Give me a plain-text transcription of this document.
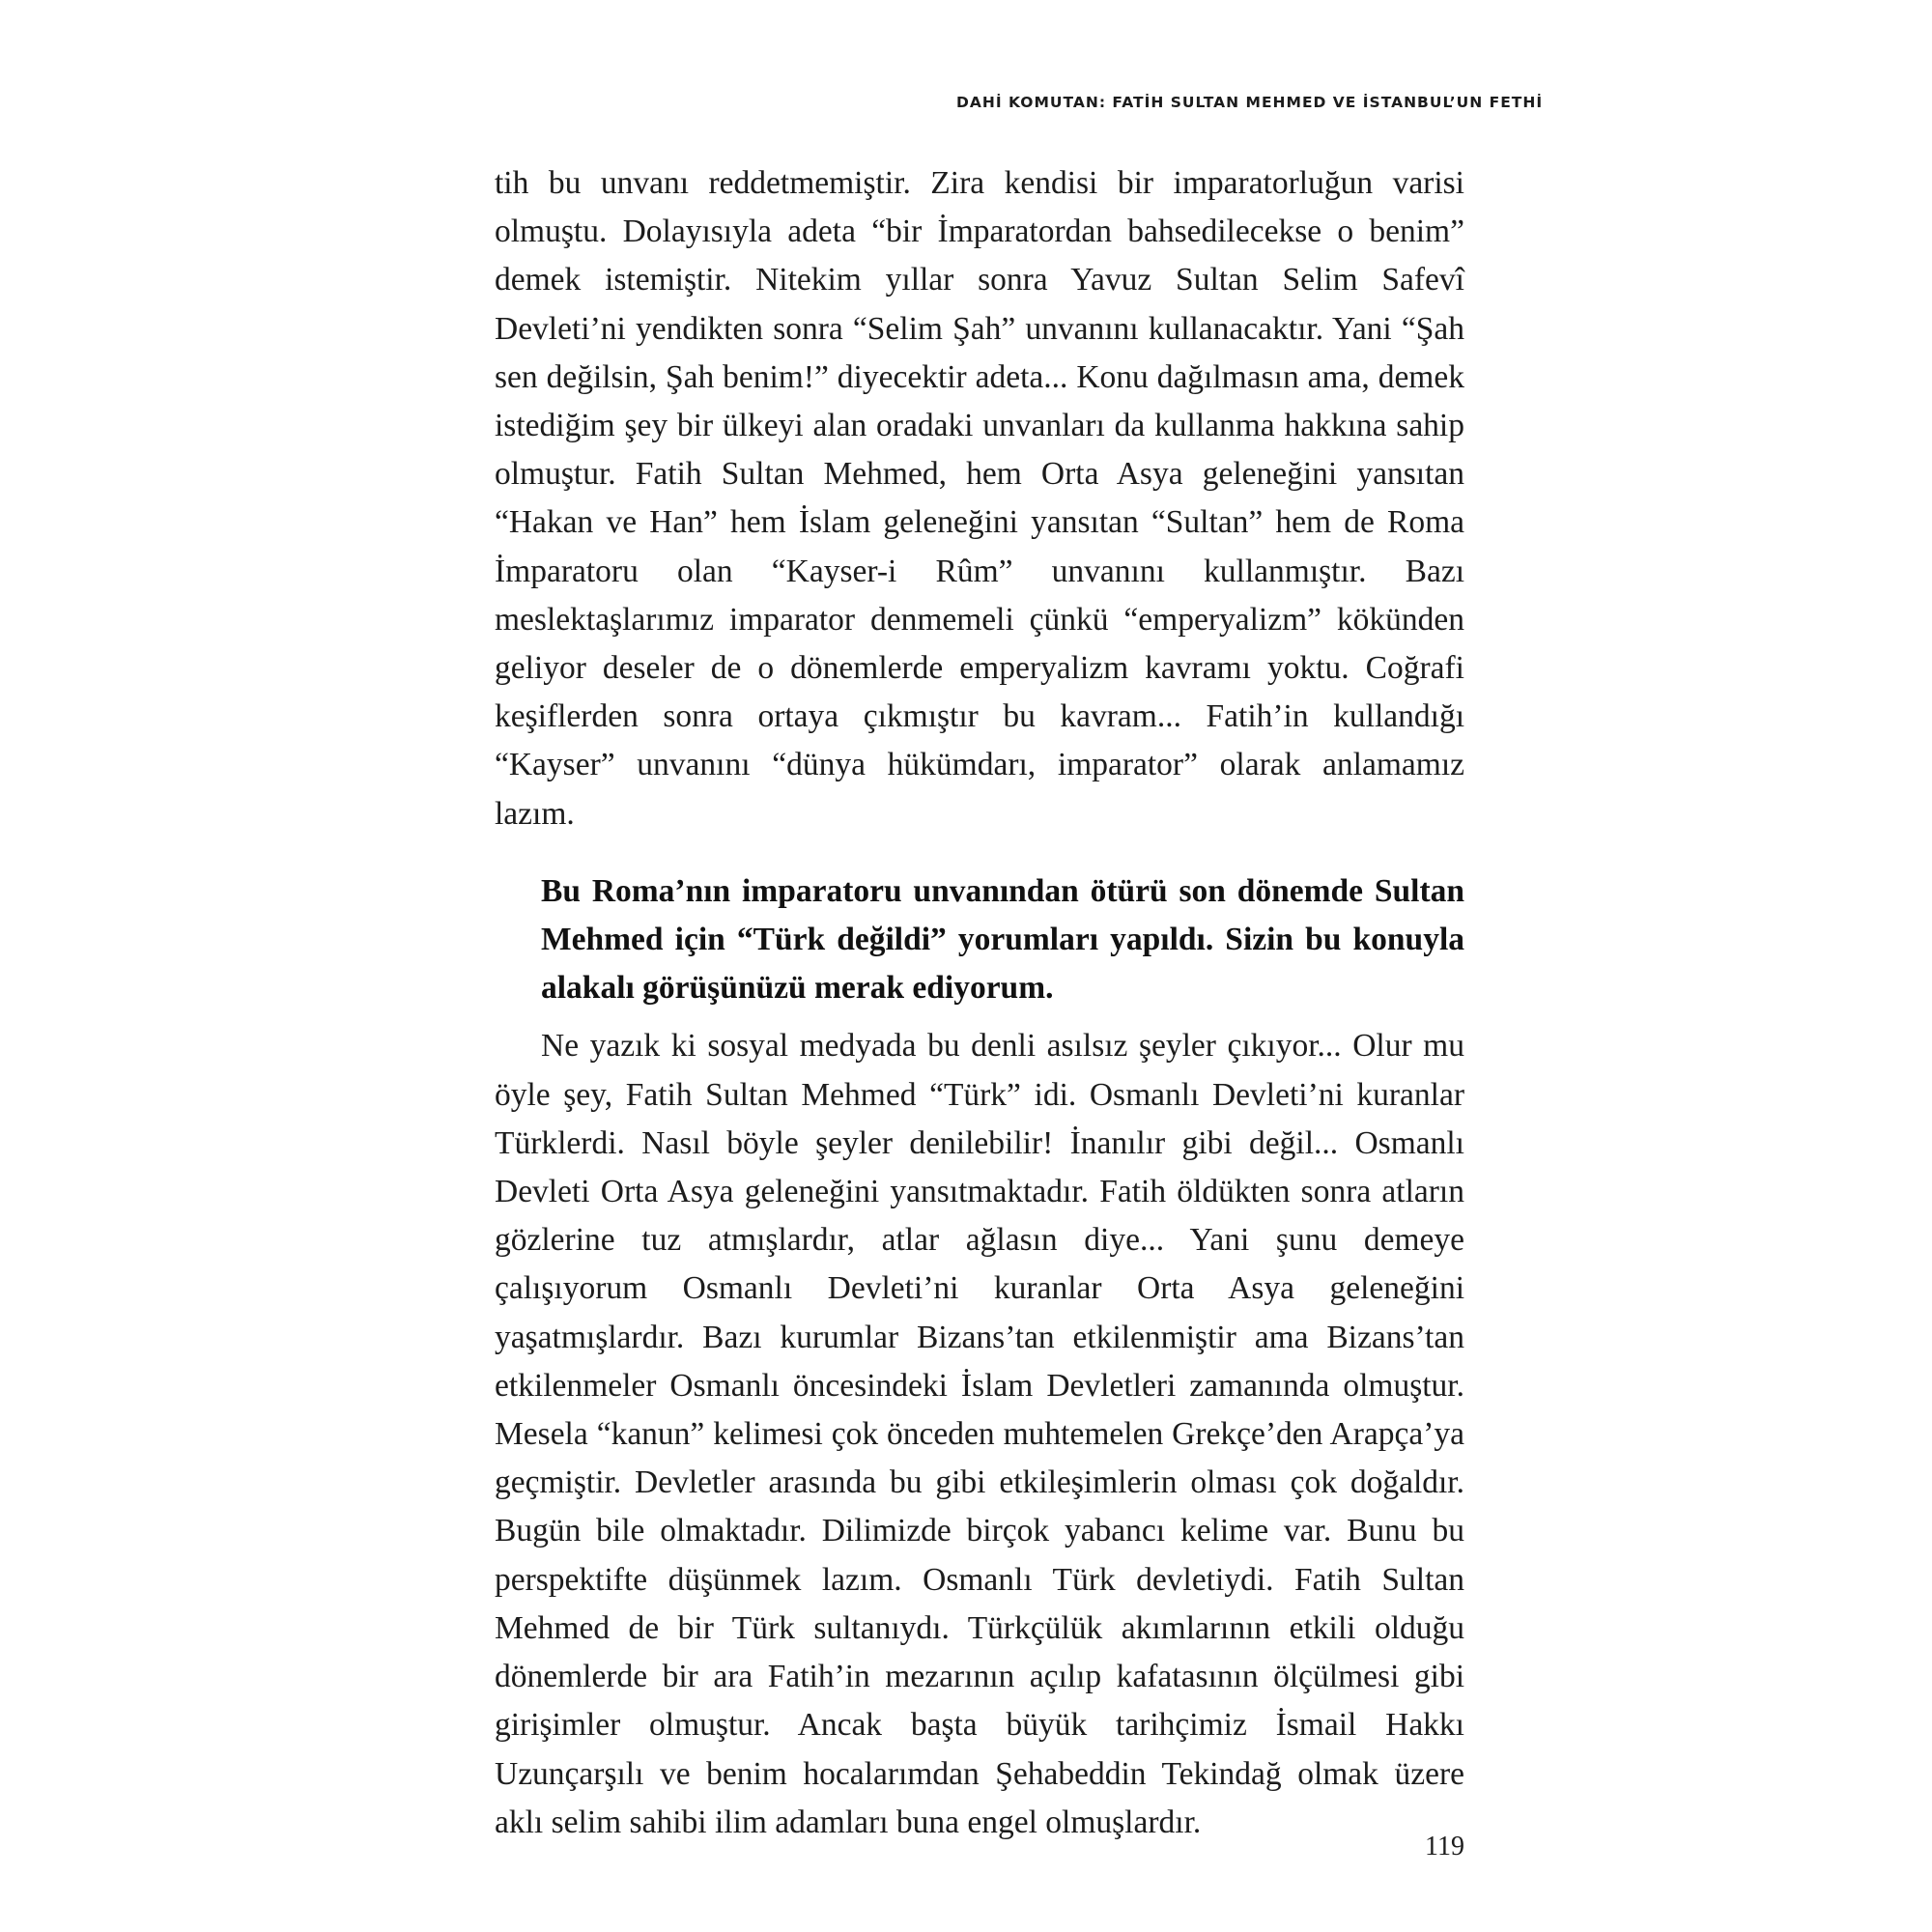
DAHİ KOMUTAN: FATİH SULTAN MEHMED VE İSTANBUL’UN FETHİ

tih bu unvanı reddetmemiştir. Zira kendisi bir imparatorluğun varisi olmuştu. Dolayısıyla adeta “bir İmparatordan bahsedilecekse o benim” demek istemiştir. Nitekim yıllar sonra Yavuz Sultan Selim Safevî Devleti’ni yendikten sonra “Selim Şah” unvanını kullanacaktır. Yani “Şah sen değilsin, Şah benim!” diyecektir adeta... Konu dağılmasın ama, demek istediğim şey bir ülkeyi alan oradaki unvanları da kullanma hakkına sahip olmuştur. Fatih Sultan Mehmed, hem Orta Asya geleneğini yansıtan “Hakan ve Han” hem İslam geleneğini yansıtan “Sultan” hem de Roma İmparatoru olan “Kayser-i Rûm” unvanını kullanmıştır. Bazı meslektaşlarımız imparator denmemeli çünkü “emperyalizm” kökünden geliyor deseler de o dönemlerde emperyalizm kavramı yoktu. Coğrafi keşiflerden sonra ortaya çıkmıştır bu kavram... Fatih’in kullandığı “Kayser” unvanını “dünya hükümdarı, imparator” olarak anlamamız lazım.

Bu Roma’nın imparatoru unvanından ötürü son dönemde Sultan Mehmed için “Türk değildi” yorumları yapıldı. Sizin bu konuyla alakalı görüşünüzü merak ediyorum.

Ne yazık ki sosyal medyada bu denli asılsız şeyler çıkıyor... Olur mu öyle şey, Fatih Sultan Mehmed “Türk” idi. Osmanlı Devleti’ni kuranlar Türklerdi. Nasıl böyle şeyler denilebilir! İnanılır gibi değil... Osmanlı Devleti Orta Asya geleneğini yansıtmaktadır. Fatih öldükten sonra atların gözlerine tuz atmışlardır, atlar ağlasın diye... Yani şunu demeye çalışıyorum Osmanlı Devleti’ni kuranlar Orta Asya geleneğini yaşatmışlardır. Bazı kurumlar Bizans’tan etkilenmiştir ama Bizans’tan etkilenmeler Osmanlı öncesindeki İslam Devletleri zamanında olmuştur. Mesela “kanun” kelimesi çok önceden muhtemelen Grekçe’den Arapça’ya geçmiştir. Devletler arasında bu gibi etkileşimlerin olması çok doğaldır. Bugün bile olmaktadır. Dilimizde birçok yabancı kelime var. Bunu bu perspektifte düşünmek lazım. Osmanlı Türk devletiydi. Fatih Sultan Mehmed de bir Türk sultanıydı. Türkçülük akımlarının etkili olduğu dönemlerde bir ara Fatih’in mezarının açılıp kafatasının ölçülmesi gibi girişimler olmuştur. Ancak başta büyük tarihçimiz İsmail Hakkı Uzunçarşılı ve benim hocalarımdan Şehabeddin Tekindağ olmak üzere aklı selim sahibi ilim adamları buna engel olmuşlardır.

119
